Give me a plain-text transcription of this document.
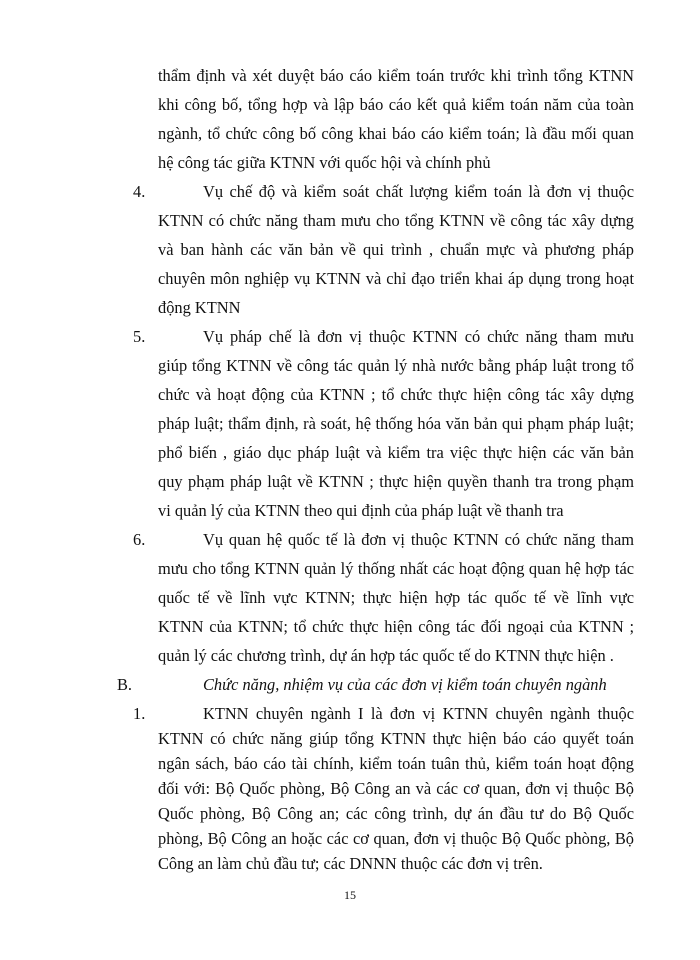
thẩm định và xét duyệt báo cáo kiểm toán trước khi trình tổng KTNN
khi công bố, tổng hợp và lập báo cáo kết quả kiểm toán năm của toàn
ngành, tổ chức công bố công khai báo cáo kiểm toán; là đầu mối quan
hệ công tác giữa KTNN với quốc hội và chính phủ
4.	Vụ chế độ và kiểm soát chất lượng kiểm toán là đơn vị thuộc
KTNN có chức năng tham mưu cho tổng KTNN về công tác xây dựng
và ban hành các văn bản về qui trình , chuẩn mực và phương pháp
chuyên môn nghiệp vụ KTNN và chỉ đạo triển khai áp dụng trong hoạt
động KTNN
5.	Vụ pháp chế là đơn vị thuộc KTNN có chức năng tham mưu
giúp tổng KTNN về công tác quản lý nhà nước bằng pháp luật trong tổ
chức và hoạt động của KTNN ; tổ chức thực hiện công tác xây dựng
pháp luật; thẩm định, rà soát, hệ thống hóa văn bản qui phạm pháp luật;
phổ biến , giáo dục pháp luật và kiểm tra việc thực hiện các văn bản
quy phạm pháp luật về KTNN ; thực hiện quyền thanh tra trong phạm
vi quản lý của KTNN theo qui định của pháp luật về thanh tra
6.	Vụ quan hệ quốc tế là đơn vị thuộc KTNN có chức năng tham
mưu cho tổng KTNN quản lý thống nhất các hoạt động quan hệ hợp tác
quốc tế về lĩnh vực KTNN; thực hiện hợp tác quốc tế về lĩnh vực
KTNN của KTNN; tổ chức thực hiện công tác đối ngoại của KTNN ;
quản lý các chương trình, dự án hợp tác quốc tế do KTNN thực hiện .
B.	Chức năng, nhiệm vụ của các đơn vị kiểm toán chuyên ngành
1.	KTNN chuyên ngành I là đơn vị KTNN chuyên ngành thuộc
KTNN có chức năng giúp tổng KTNN thực hiện báo cáo quyết toán
ngân sách, báo cáo tài chính, kiểm toán tuân thủ, kiểm toán hoạt động
đối với: Bộ Quốc phòng, Bộ Công an và các cơ quan, đơn vị thuộc Bộ
Quốc phòng, Bộ Công an; các công trình, dự án đầu tư do Bộ Quốc
15
phòng, Bộ Công an hoặc các cơ quan, đơn vị thuộc Bộ Quốc phòng, Bộ
Công an làm chủ đầu tư; các DNNN thuộc các đơn vị trên.
